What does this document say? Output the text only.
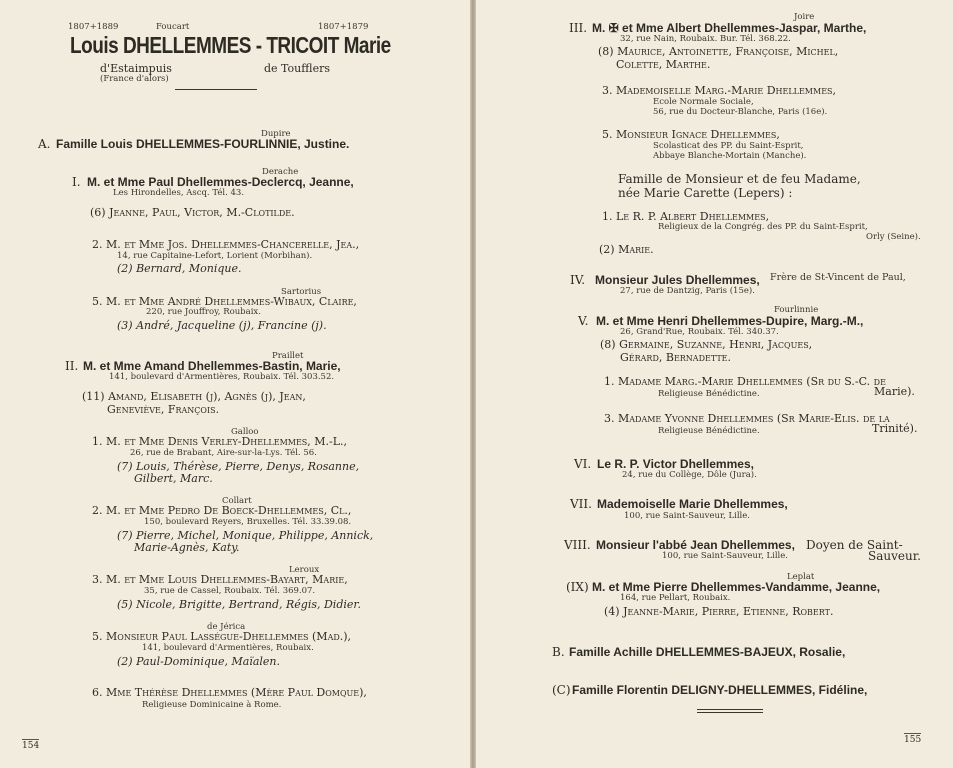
1807+1889	Foucart	1807+1879
Louis DHELLEMMES - TRICOIT Marie
d'Estaimpuis
(France d'alors)
de Toufflers
Dupire
A. Famille Louis DHELLEMMES-FOURLINNIE, Justine.
Derache
I. M. et Mme Paul Dhellemmes-Declercq, Jeanne,
Les Hirondelles, Ascq. Tél. 43.
(6) Jeanne, Paul, Victor, M.-Clotilde.
2. M. et Mme Jos. Dhellemmes-Chancerelle, Jea.,
14, rue Capitaine-Lefort, Lorient (Morbihan).
(2) Bernard, Monique.
Sartorius
5. M. et Mme André Dhellemmes-Wibaux, Claire,
220, rue Jouffroy, Roubaix.
(3) André, Jacqueline (j), Francine (j).
Praillet
II. M. et Mme Amand Dhellemmes-Bastin, Marie,
141, boulevard d'Armentières, Roubaix. Tél. 303.52.
(11) Amand, Elisabeth (j), Agnès (j), Jean,
Geneviève, François.
Galloo
1. M. et Mme Denis Verley-Dhellemmes, M.-L.,
26, rue de Brabant, Aire-sur-la-Lys. Tél. 56.
(7) Louis, Thérèse, Pierre, Denys, Rosanne,
Gilbert, Marc.
Collart
2. M. et Mme Pedro De Boeck-Dhellemmes, Cl.,
150, boulevard Reyers, Bruxelles. Tél. 33.39.08.
(7) Pierre, Michel, Monique, Philippe, Annick,
Marie-Agnès, Katy.
Leroux
3. M. et Mme Louis Dhellemmes-Bayart, Marie,
35, rue de Cassel, Roubaix. Tél. 369.07.
(5) Nicole, Brigitte, Bertrand, Régis, Didier.
de Jérica
5. Monsieur Paul Lasségue-Dhellemmes (Mad.),
141, boulevard d'Armentières, Roubaix.
(2) Paul-Dominique, Maïalen.
6. Mme Thérèse Dhellemmes (Mère Paul Domque),
Religieuse Dominicaine à Rome.
154
Joire
III. M. ✠ et Mme Albert Dhellemmes-Jaspar, Marthe,
32, rue Nain, Roubaix. Bur. Tél. 368.22.
(8) Maurice, Antoinette, Françoise, Michel,
Colette, Marthe.
3. Mademoiselle Marg.-Marie Dhellemmes,
Ecole Normale Sociale,
56, rue du Docteur-Blanche, Paris (16e).
5. Monsieur Ignace Dhellemmes,
Scolasticat des PP. du Saint-Esprit,
Abbaye Blanche-Mortain (Manche).
Famille de Monsieur et de feu Madame,
née Marie Carette (Lepers) :
1. Le R. P. Albert Dhellemmes,
Religieux de la Congrég. des PP. du Saint-Esprit,
Orly (Seine).
(2) Marie.
IV. Monsieur Jules Dhellemmes, Frère de St-Vincent de Paul,
27, rue de Dantzig, Paris (15e).
Fourlinnie
V. M. et Mme Henri Dhellemmes-Dupire, Marg.-M.,
26, Grand'Rue, Roubaix. Tél. 340.37.
(8) Germaine, Suzanne, Henri, Jacques,
Gérard, Bernadette.
1. Madame Marg.-Marie Dhellemmes (Sr du S.-C. de
Religieuse Bénédictine.	Marie).
3. Madame Yvonne Dhellemmes (Sr Marie-Elis. de la
Religieuse Bénédictine.	Trinité).
VI. Le R. P. Victor Dhellemmes,
24, rue du Collège, Dôle (Jura).
VII. Mademoiselle Marie Dhellemmes,
100, rue Saint-Sauveur, Lille.
VIII. Monsieur l'abbé Jean Dhellemmes, Doyen de Saint-
100, rue Saint-Sauveur, Lille.	Sauveur.
Leplat
(IX) M. et Mme Pierre Dhellemmes-Vandamme, Jeanne,
164, rue Pellart, Roubaix.
(4) Jeanne-Marie, Pierre, Etienne, Robert.
B. Famille Achille DHELLEMMES-BAJEUX, Rosalie,
(C) Famille Florentin DELIGNY-DHELLEMMES, Fidéline,
155
